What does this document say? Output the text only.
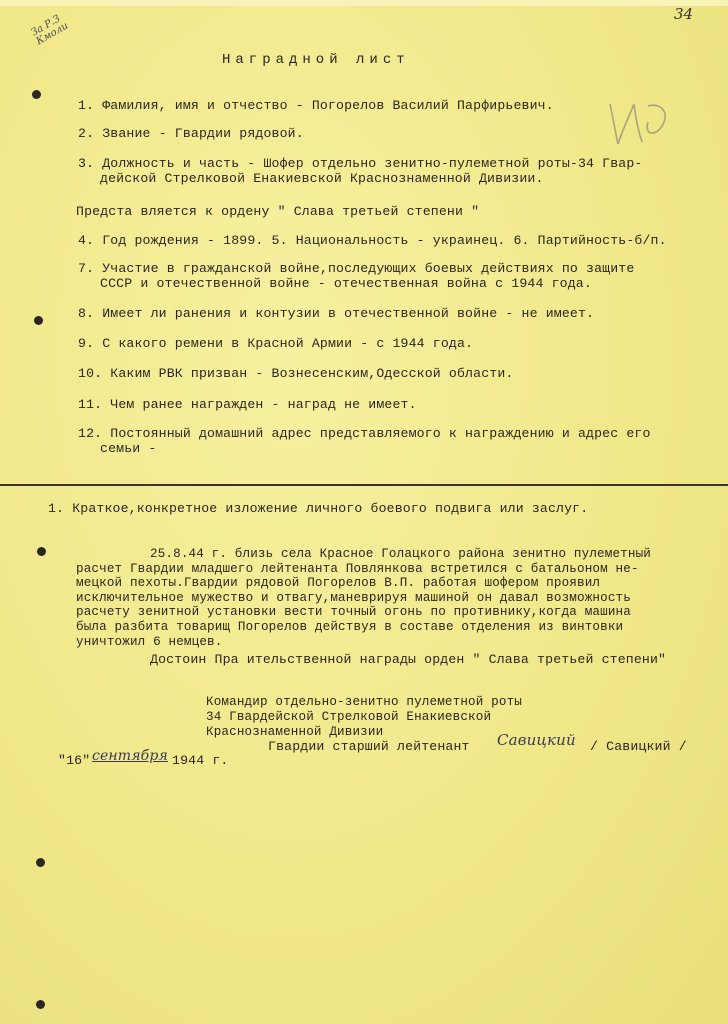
34
За Р.З
Кмоли
Наградной лист
1. Фамилия, имя и отчество - Погорелов Василий Парфирьевич.
2. Звание - Гвардии рядовой.
3. Должность и часть - Шофер отдельно зенитно-пулеметной роты-34 Гвар-
дейской Стрелковой Енакиевской Краснознаменной Дивизии.
Предста вляется к ордену " Слава третьей степени "
4. Год рождения - 1899. 5. Национальность - украинец. 6. Партийность-б/п.
7. Участие в гражданской войне,последующих боевых действиях по защите
СССР и отечественной войне - отечественная война с 1944 года.
8. Имеет ли ранения и контузии в отечественной войне - не имеет.
9. С какого ремени в Красной Армии - с 1944 года.
10. Каким РВК призван - Вознесенским,Одесской области.
11. Чем ранее награжден - наград не имеет.
12. Постоянный домашний адрес представляемого к награждению и адрес его
семьи -
1. Краткое,конкретное изложение личного боевого подвига или заслуг.
25.8.44 г. близь села Красное Голацкого района зенитно пулеметный
расчет Гвардии младшего лейтенанта Повлянкова встретился с батальоном не-
мецкой пехоты.Гвардии рядовой Погорелов В.П. работая шофером проявил
исключительное мужество и отвагу,маневрируя машиной он давал возможность
расчету зенитной установки вести точный огонь по противнику,когда машина
была разбита товарищ Погорелов действуя в составе отделения из винтовки
уничтожил 6 немцев.
Достоин Пра ительственной награды орден " Слава третьей степени"
Командир отдельно-зенитно пулеметной роты
34 Гвардейской Стрелковой Енакиевской
Краснознаменной Дивизии
Гвардии старший лейтенант Савицкий / Савицкий /
"16" сентября 1944 г.
